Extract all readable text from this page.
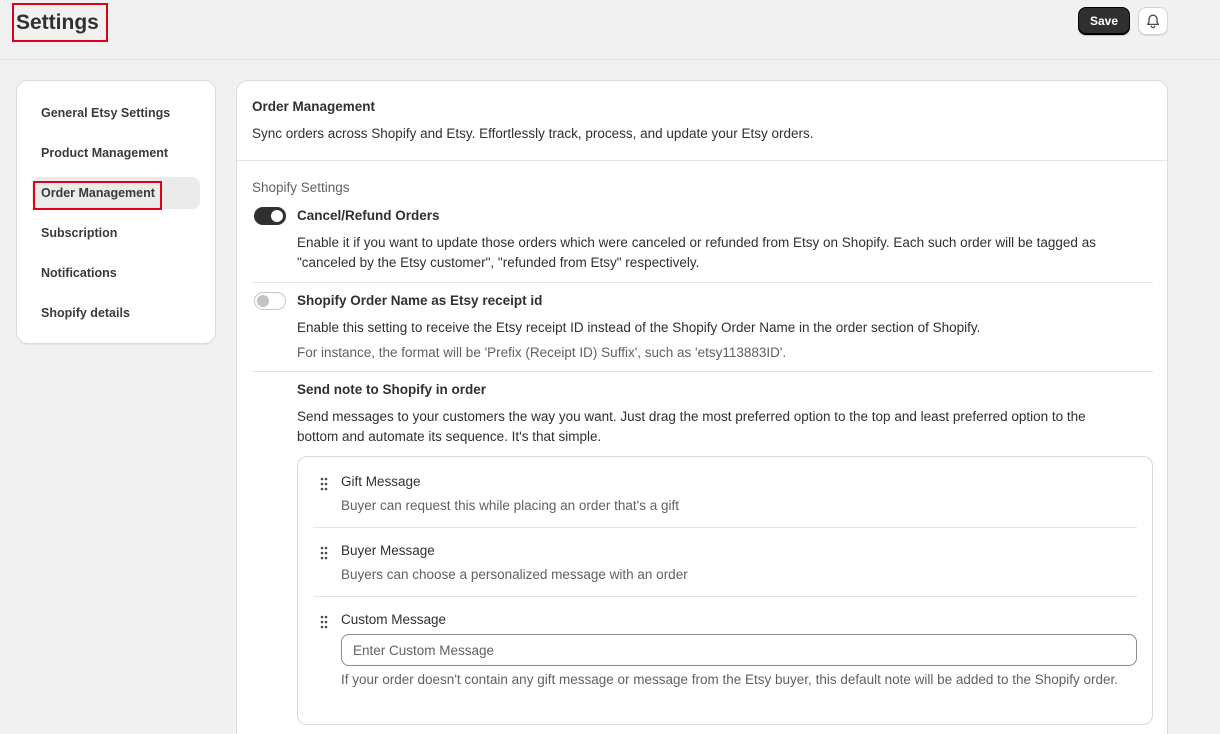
Settings	Save
General Etsy Settings
Product Management
Order Management
Subscription
Notifications
Shopify details
Order Management
Sync orders across Shopify and Etsy. Effortlessly track, process, and update your Etsy orders.
Shopify Settings
Cancel/Refund Orders
Enable it if you want to update those orders which were canceled or refunded from Etsy on Shopify. Each such order will be tagged as
"canceled by the Etsy customer", "refunded from Etsy" respectively.
Shopify Order Name as Etsy receipt id
Enable this setting to receive the Etsy receipt ID instead of the Shopify Order Name in the order section of Shopify.
For instance, the format will be 'Prefix (Receipt ID) Suffix', such as 'etsy113883ID'.
Send note to Shopify in order
Send messages to your customers the way you want. Just drag the most preferred option to the top and least preferred option to the
bottom and automate its sequence. It's that simple.
Gift Message
Buyer can request this while placing an order that's a gift
Buyer Message
Buyers can choose a personalized message with an order
Custom Message
Enter Custom Message
If your order doesn't contain any gift message or message from the Etsy buyer, this default note will be added to the Shopify order.
